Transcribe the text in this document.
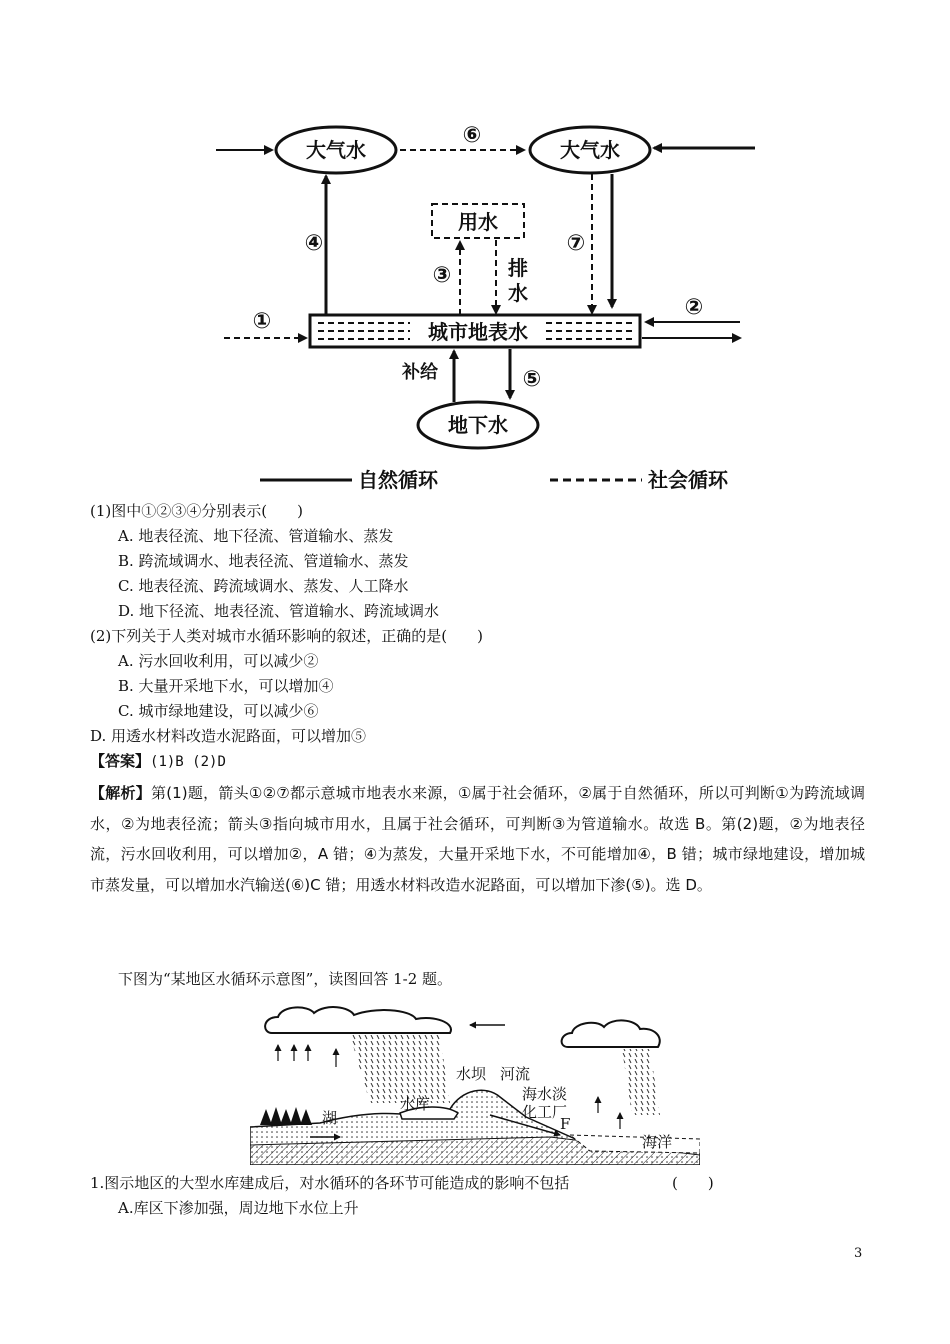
大气水	大气水
⑥
④
用水
③	排
水
⑦
城市地表水
①
②
地下水
补给	⑤
自然循环	社会循环
(1)图中①②③④分别表示(　　)
A. 地表径流、地下径流、管道输水、蒸发
B. 跨流域调水、地表径流、管道输水、蒸发
C. 地表径流、跨流域调水、蒸发、人工降水
D. 地下径流、地表径流、管道输水、跨流域调水
(2)下列关于人类对城市水循环影响的叙述，正确的是(　　)
A. 污水回收利用，可以减少②
B. 大量开采地下水，可以增加④
C. 城市绿地建设，可以减少⑥
D. 用透水材料改造水泥路面，可以增加⑤
【答案】(1)B (2)D
【解析】第(1)题，箭头①②⑦都示意城市地表水来源，①属于社会循环，②属于自然循环，所以可判断①为跨流域调水，②为地表径流；箭头③指向城市用水，且属于社会循环，可判断③为管道输水。故选 B。第(2)题，②为地表径流，污水回收利用，可以增加②，A 错；④为蒸发，大量开采地下水，不可能增加④，B 错；城市绿地建设，增加城市蒸发量，可以增加水汽输送(⑥)C 错；用透水材料改造水泥路面，可以增加下渗(⑤)。选 D。
下图为“某地区水循环示意图”，读图回答 1-2 题。
水坝 河流
海水淡
化工厂
湖
水库
F
海洋
1.图示地区的大型水库建成后，对水循环的各环节可能造成的影响不包括	(　　)
A.库区下渗加强，周边地下水位上升
3
